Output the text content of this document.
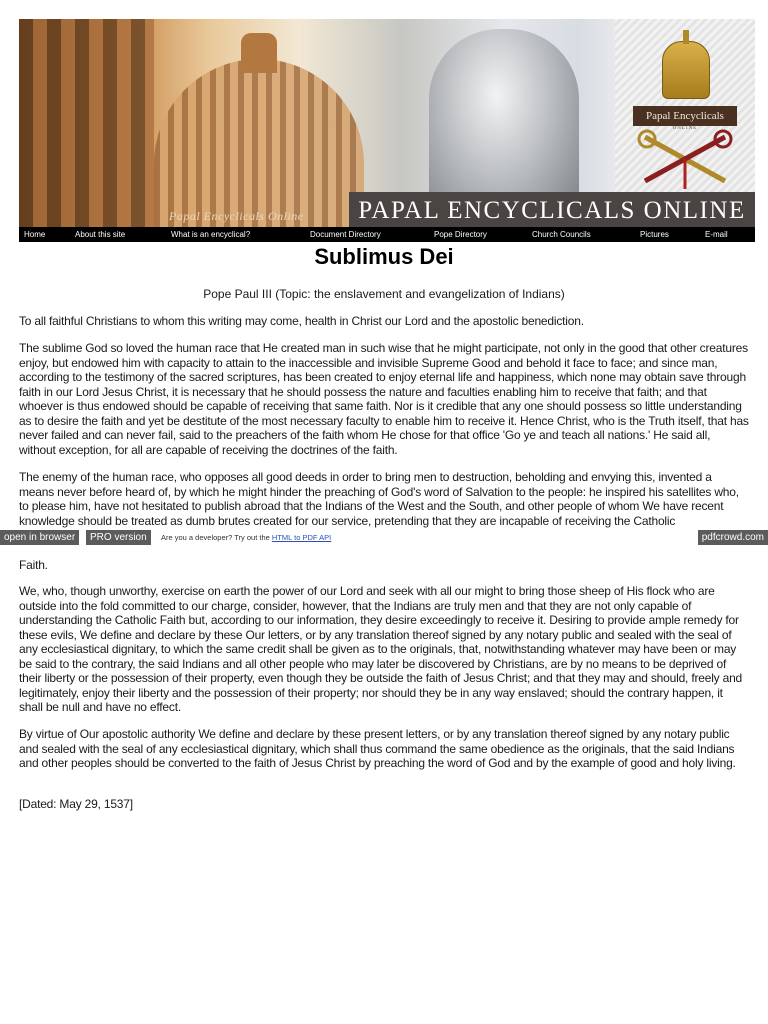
Papal Encyclicals
ONLINE
Papal Encyclicals Online	PAPAL ENCYCLICALS ONLINE
Home	About this site	What is an encyclical?	Document Directory	Pope Directory	Church Councils	Pictures	E-mail
Sublimus Dei
Pope Paul III (Topic: the enslavement and evangelization of Indians)

To all faithful Christians to whom this writing may come, health in Christ our Lord and the apostolic benediction.

The sublime God so loved the human race that He created man in such wise that he might participate, not only in the good that other creatures enjoy, but endowed him with capacity to attain to the inaccessible and invisible Supreme Good and behold it face to face; and since man, according to the testimony of the sacred scriptures, has been created to enjoy eternal life and happiness, which none may obtain save through faith in our Lord Jesus Christ, it is necessary that he should possess the nature and faculties enabling him to receive that faith; and that whoever is thus endowed should be capable of receiving that same faith. Nor is it credible that any one should possess so little understanding as to desire the faith and yet be destitute of the most necessary faculty to enable him to receive it. Hence Christ, who is the Truth itself, that has never failed and can never fail, said to the preachers of the faith whom He chose for that office 'Go ye and teach all nations.' He said all, without exception, for all are capable of receiving the doctrines of the faith.

The enemy of the human race, who opposes all good deeds in order to bring men to destruction, beholding and envying this, invented a means never before heard of, by which he might hinder the preaching of God's word of Salvation to the people: he inspired his satellites who, to please him, have not hesitated to publish abroad that the Indians of the West and the South, and other people of whom We have recent knowledge should be treated as dumb brutes created for our service, pretending that they are incapable of receiving the Catholic

open in browser	PRO version	Are you a developer? Try out the HTML to PDF API	pdfcrowd.com

Faith.

We, who, though unworthy, exercise on earth the power of our Lord and seek with all our might to bring those sheep of His flock who are outside into the fold committed to our charge, consider, however, that the Indians are truly men and that they are not only capable of understanding the Catholic Faith but, according to our information, they desire exceedingly to receive it. Desiring to provide ample remedy for these evils, We define and declare by these Our letters, or by any translation thereof signed by any notary public and sealed with the seal of any ecclesiastical dignitary, to which the same credit shall be given as to the originals, that, notwithstanding whatever may have been or may be said to the contrary, the said Indians and all other people who may later be discovered by Christians, are by no means to be deprived of their liberty or the possession of their property, even though they be outside the faith of Jesus Christ; and that they may and should, freely and legitimately, enjoy their liberty and the possession of their property; nor should they be in any way enslaved; should the contrary happen, it shall be null and have no effect.

By virtue of Our apostolic authority We define and declare by these present letters, or by any translation thereof signed by any notary public and sealed with the seal of any ecclesiastical dignitary, which shall thus command the same obedience as the originals, that the said Indians and other peoples should be converted to the faith of Jesus Christ by preaching the word of God and by the example of good and holy living.

[Dated: May 29, 1537]
